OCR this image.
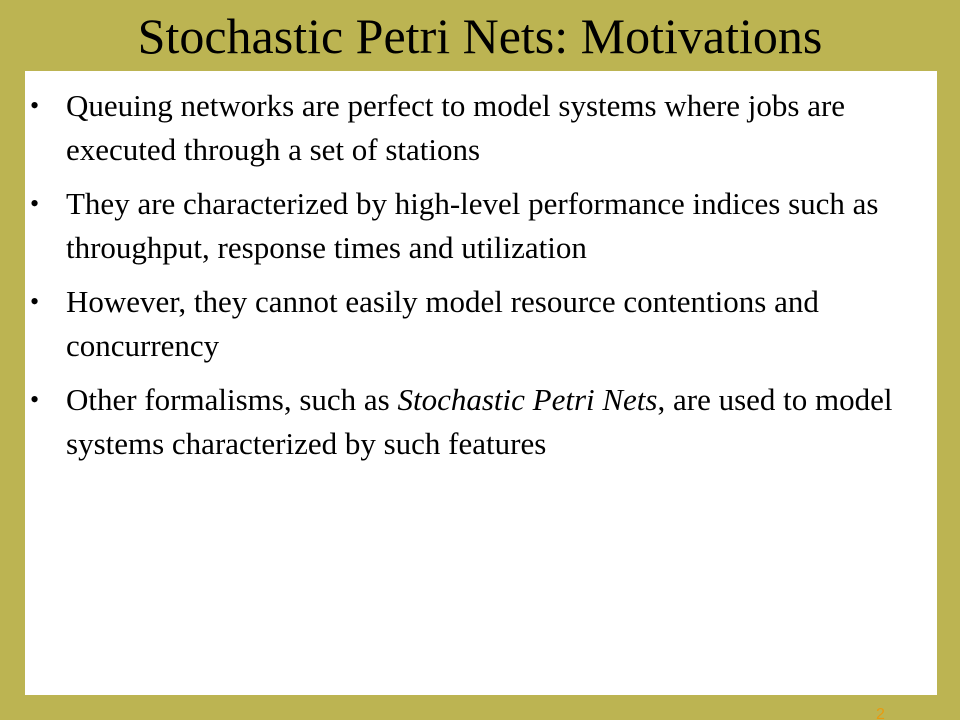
Stochastic Petri Nets: Motivations
• Queuing networks are perfect to model systems where jobs are executed through a set of stations
• They are characterized by high-level performance indices such as throughput, response times and utilization
• However, they cannot easily model resource contentions and concurrency
• Other formalisms, such as Stochastic Petri Nets, are used to model systems characterized by such features
2
